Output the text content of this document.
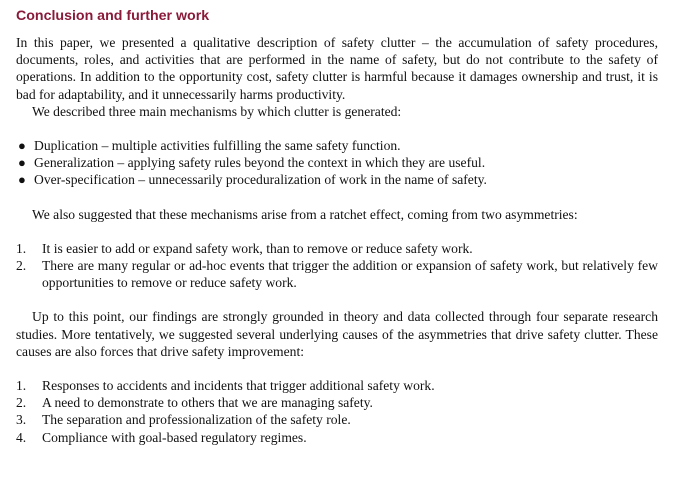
Conclusion and further work

In this paper, we presented a qualitative description of safety clutter – the accumulation of safety procedures, documents, roles, and activities that are performed in the name of safety, but do not contribute to the safety of operations. In addition to the opportunity cost, safety clutter is harmful because it damages ownership and trust, it is bad for adaptability, and it unnecessarily harms productivity.

We described three main mechanisms by which clutter is generated:

● Duplication – multiple activities fulfilling the same safety function.
● Generalization – applying safety rules beyond the context in which they are useful.
● Over-specification – unnecessarily proceduralization of work in the name of safety.

We also suggested that these mechanisms arise from a ratchet effect, coming from two asymmetries:

1. It is easier to add or expand safety work, than to remove or reduce safety work.
2. There are many regular or ad-hoc events that trigger the addition or expansion of safety work, but relatively few opportunities to remove or reduce safety work.

Up to this point, our findings are strongly grounded in theory and data collected through four separate research studies. More tentatively, we suggested several underlying causes of the asymmetries that drive safety clutter. These causes are also forces that drive safety improvement:

1. Responses to accidents and incidents that trigger additional safety work.
2. A need to demonstrate to others that we are managing safety.
3. The separation and professionalization of the safety role.
4. Compliance with goal-based regulatory regimes.
